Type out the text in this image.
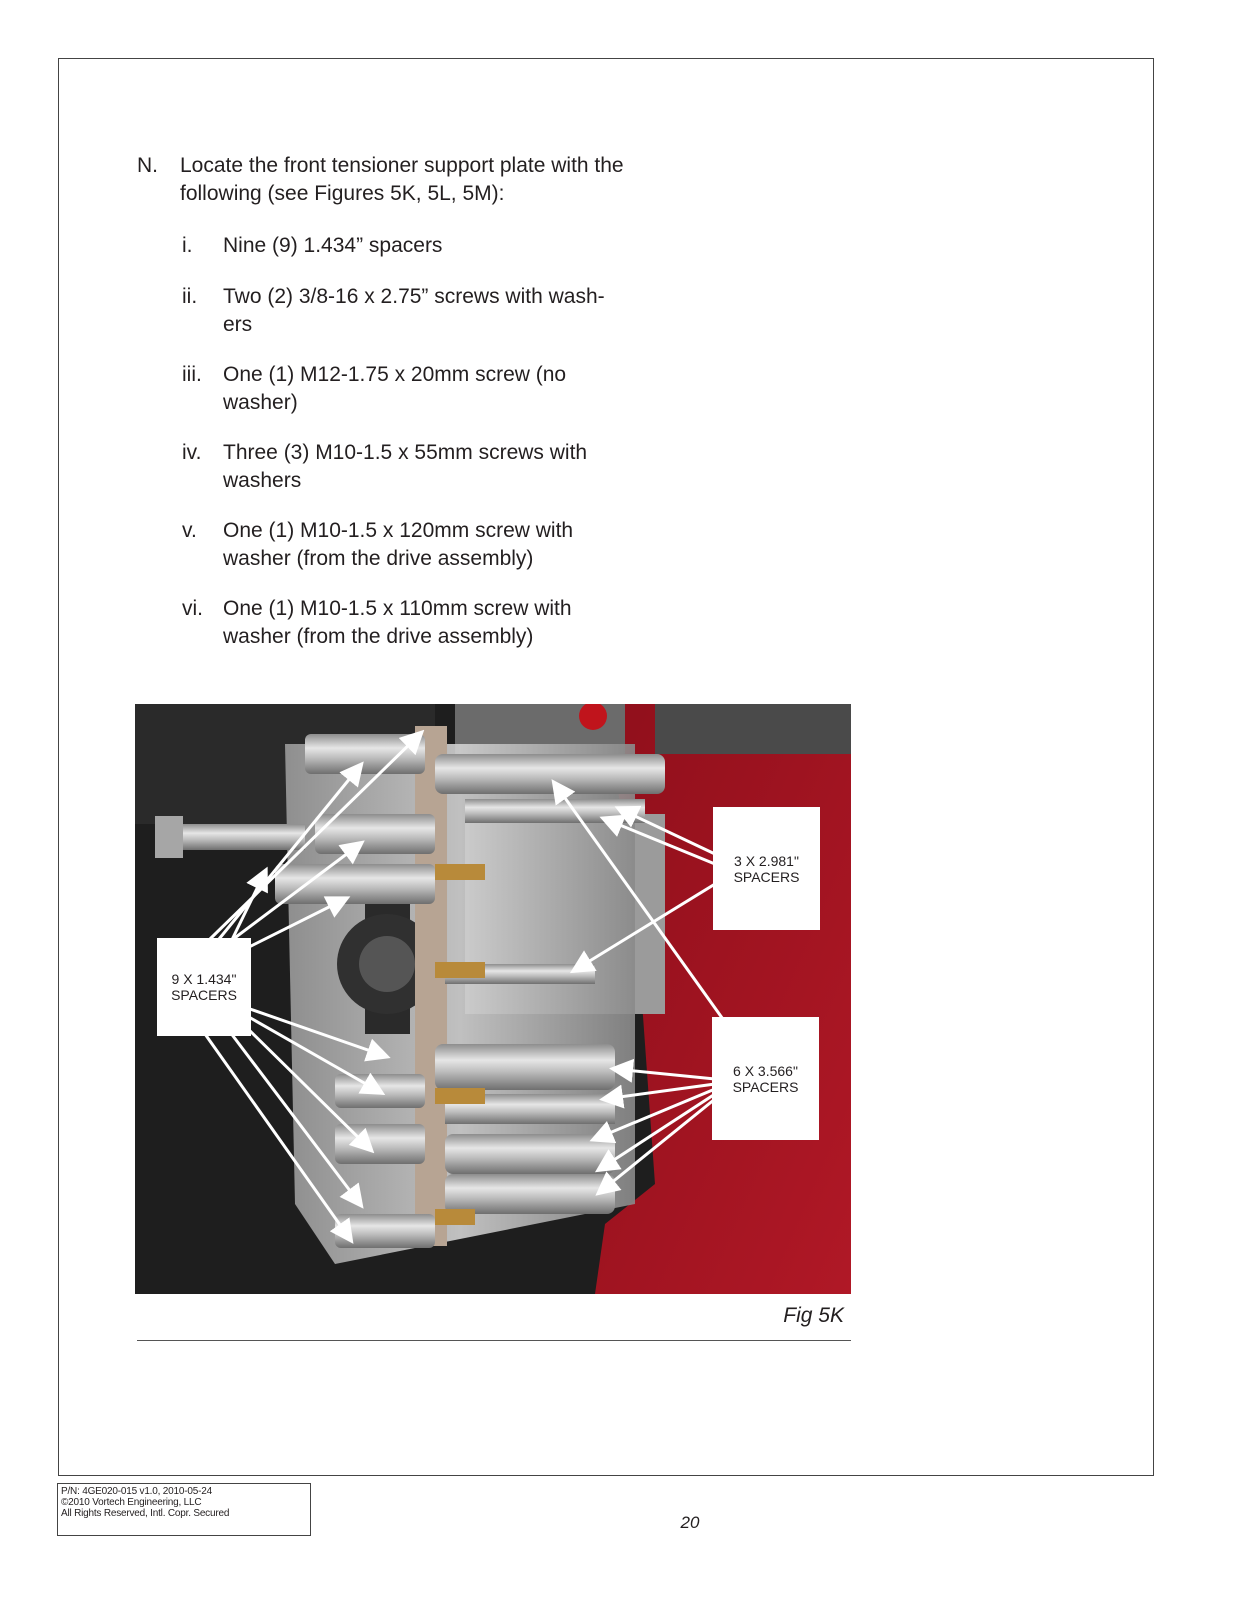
N. Locate the front tensioner support plate with the following (see Figures 5K, 5L, 5M):
i. Nine (9) 1.434” spacers
ii. Two (2) 3/8-16 x 2.75” screws with wash-ers
iii. One (1) M12-1.75 x 20mm screw (no washer)
iv. Three (3) M10-1.5 x 55mm screws with washers
v. One (1) M10-1.5 x 120mm screw with washer (from the drive assembly)
vi. One (1) M10-1.5 x 110mm screw with washer (from the drive assembly)
9 X 1.434"
SPACERS
3 X 2.981"
SPACERS
6 X 3.566"
SPACERS
Fig 5K
P/N: 4GE020-015 v1.0, 2010-05-24
©2010 Vortech Engineering, LLC
All Rights Reserved, Intl. Copr. Secured	20
